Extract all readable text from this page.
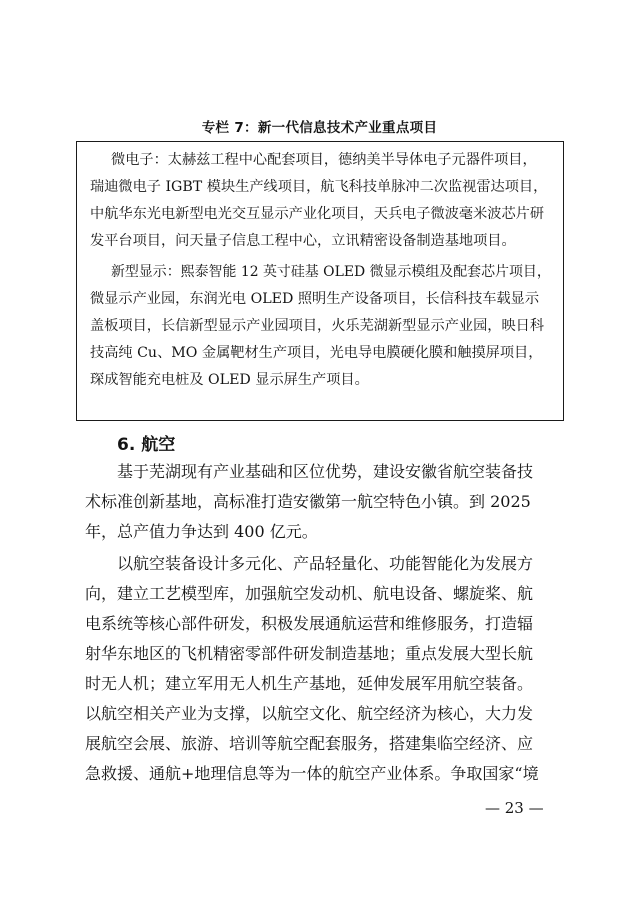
专栏 7：新一代信息技术产业重点项目
微电子：太赫兹工程中心配套项目，德纳美半导体电子元器件项目，
瑞迪微电子 IGBT 模块生产线项目，航飞科技单脉冲二次监视雷达项目，
中航华东光电新型电光交互显示产业化项目，天兵电子微波毫米波芯片研
发平台项目，问天量子信息工程中心，立讯精密设备制造基地项目。
新型显示：熙泰智能 12 英寸硅基 OLED 微显示模组及配套芯片项目，
微显示产业园，东润光电 OLED 照明生产设备项目，长信科技车载显示
盖板项目，长信新型显示产业园项目，火乐芜湖新型显示产业园，映日科
技高纯 Cu、MO 金属靶材生产项目，光电导电膜硬化膜和触摸屏项目，
琛成智能充电桩及 OLED 显示屏生产项目。
6. 航空
基于芜湖现有产业基础和区位优势，建设安徽省航空装备技
术标准创新基地，高标准打造安徽第一航空特色小镇。到 2025
年，总产值力争达到 400 亿元。
以航空装备设计多元化、产品轻量化、功能智能化为发展方
向，建立工艺模型库，加强航空发动机、航电设备、螺旋桨、航
电系统等核心部件研发，积极发展通航运营和维修服务，打造辐
射华东地区的飞机精密零部件研发制造基地；重点发展大型长航
时无人机；建立军用无人机生产基地，延伸发展军用航空装备。
以航空相关产业为支撑，以航空文化、航空经济为核心，大力发
展航空会展、旅游、培训等航空配套服务，搭建集临空经济、应
急救援、通航+地理信息等为一体的航空产业体系。争取国家“境
— 23 —
